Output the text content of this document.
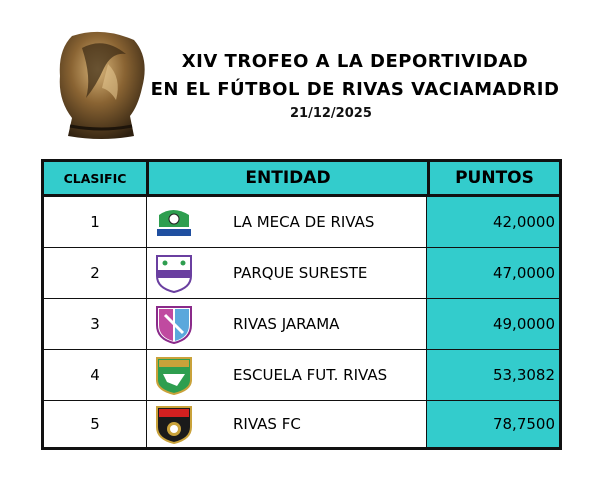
XIV TROFEO A LA DEPORTIVIDAD
EN EL FÚTBOL DE RIVAS VACIAMADRID
21/12/2025
CLASIFIC	ENTIDAD	PUNTOS
1	LA MECA DE RIVAS	42,0000
2	PARQUE SURESTE	47,0000
3	RIVAS JARAMA	49,0000
4	ESCUELA FUT. RIVAS	53,3082
5	RIVAS FC	78,7500
